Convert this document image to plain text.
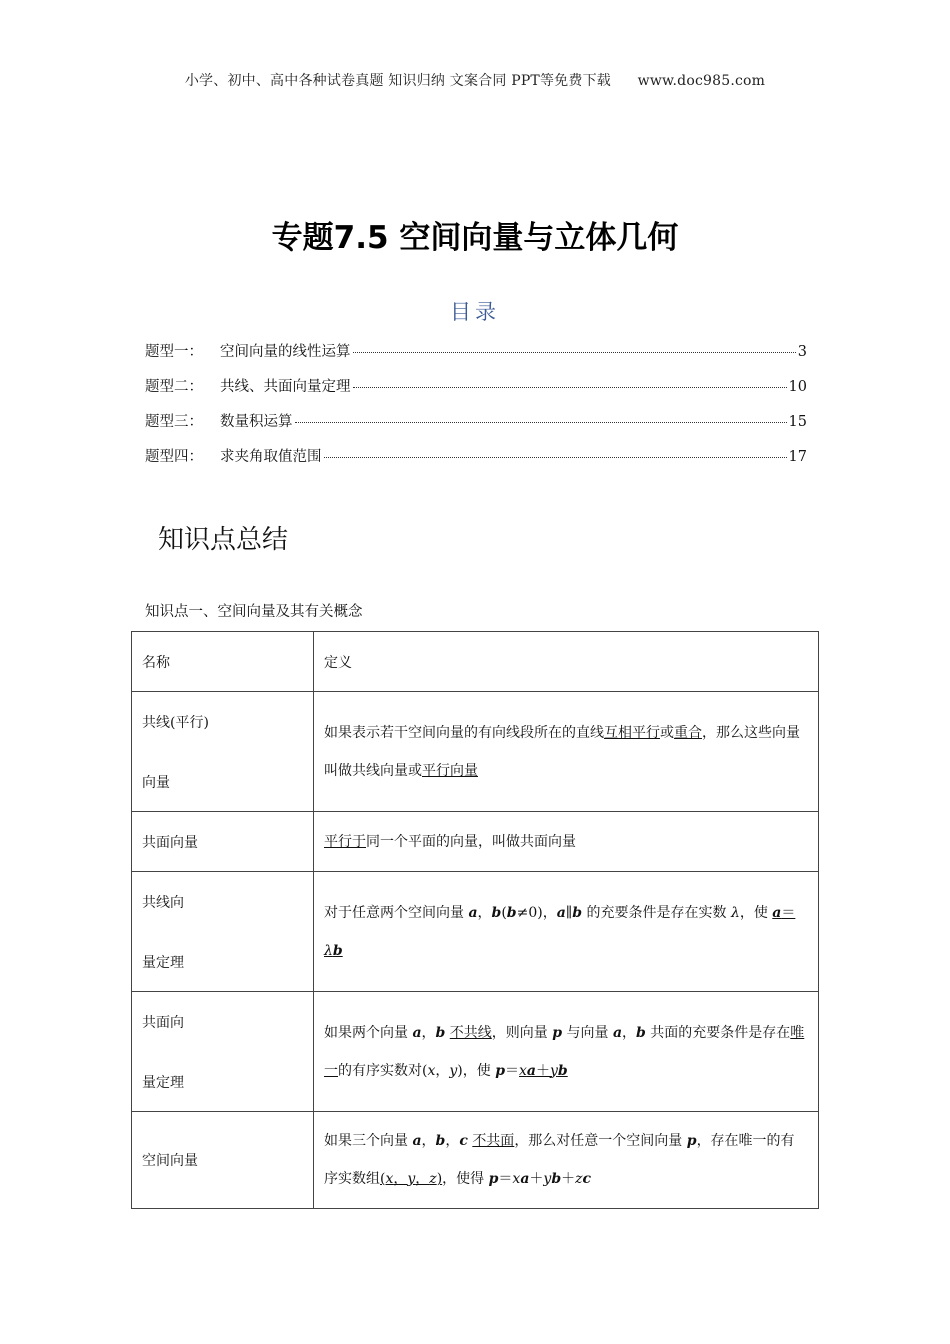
小学、初中、高中各种试卷真题 知识归纳 文案合同 PPT等免费下载 www.doc985.com
专题7.5 空间向量与立体几何
目录
题型一：	空间向量的线性运算	3
题型二：	共线、共面向量定理	10
题型三：	数量积运算	15
题型四：	求夹角取值范围	17
知识点总结
知识点一、空间向量及其有关概念
名称	定义

共线(平行)
向量	如果表示若干空间向量的有向线段所在的直线互相平行或重合，那么这些向量叫做共线向量或平行向量
共面向量	平行于同一个平面的向量，叫做共面向量

共线向
量定理	对于任意两个空间向量 a，b(b≠0)，a∥b 的充要条件是存在实数 λ，使 a＝λb

共面向
量定理	如果两个向量 a，b 不共线，则向量 p 与向量 a，b 共面的充要条件是存在唯一的有序实数对(x，y)，使 p＝xa＋yb
空间向量	如果三个向量 a，b，c 不共面，那么对任意一个空间向量 p，存在唯一的有序实数组(x，y，z)，使得 p＝xa＋yb＋zc
